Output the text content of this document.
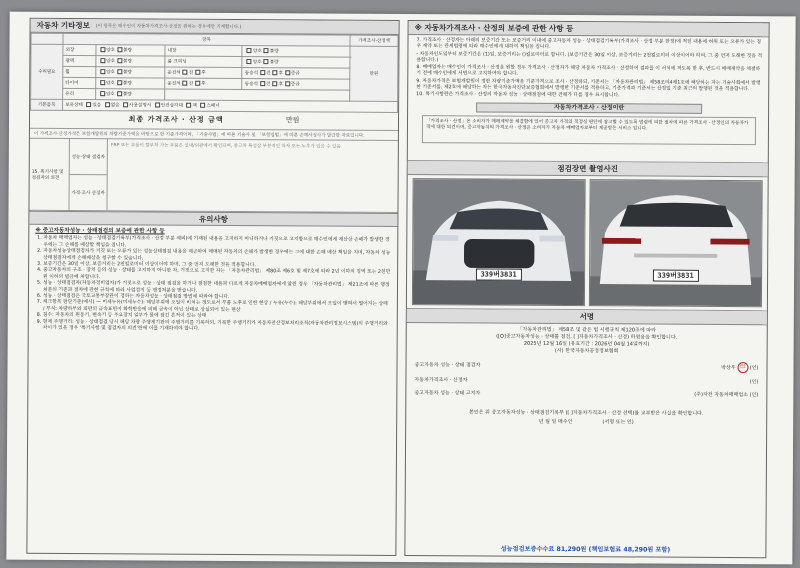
자동차 기타정보 (이 항목은 매수인이 자동차가격조사·산정을 원하는 경우에만 기재합니다.)
	항목				가격조사·산정액
수리필요	외장	양호 불량	내장	양호 불량	만원
	광택	양호 불량	룸 크리닝	양호 불량	
	휠	양호 불량	운전석 전 후	동승석 전 후 중급	
	타이어	양호 불량	운전석 전 후	동승석 전 후 중급	
	유리	양호 불량			
기본품목	보유상태 있음 없음 사용설명서 안전삼각대 잭 스패너				
최종 가격조사 · 산정 금액	만원
이 가격조사·산정가격은 보험개발원의 차량기준가액을 바탕으로 한 기준가격이며, 「기술사법」에 따른 기술사 및 「보험업법」에 따른 손해사정사가 발급한 자료입니다.
15. 특기사항 및 점검자의 의견
성능·상태 점검자
가격·조사 산정자
FRP 또는 부품이 탈부착 가능 부품은 실내/외관에서 확인되며, 중고차 특성상 부분적인 하자 또는 노후가 있을 수 있음
유의사항
※ 중고자동차성능 · 상태점검의 보증에 관한 사항 등
1. 자동차 매매업자는 성능 · 상태점검기록부(가격조사 · 산정 부분 제외)에 기재된 내용을 고지하지 아니하거나 거짓으로 고지함으로 매수인에게 재산상 손해가 발생한 경우에는 그 손해를 배상할 책임을 집니다.
2. 자동차성능상태점검자가 거짓 또는 오류가 있는 성능상태점검 내용을 제공하여 매매된 자동차의 손해가 발생한 경우에는 그에 대한 손해 배상 책임을 지며, 자동차 성능상태점검자에게 손해배상을 청구할 수 있습니다.
3. 보증기간은 30일 이상, 보증거리는 2천킬로미터 이상이어야 하며, 그 중 먼저 도래한 것을 적용합니다.
4. 중고자동차의 구조 · 장치 등의 성능 · 상태를 고지하지 아니한 자, 거짓으로 고지한 자는 「자동차관리법」 제80조 제6호 및 제7호에 따라 2년 이하의 징역 또는 2천만원 이하의 벌금에 처합니다.
5. 성능 · 상태점검자(자동차정비업자)가 거짓으로 성능 · 상태 점검을 하거나 점검한 내용과 다르게 자동차매매업자에게 알린 경우 「자동차관리법」 제21조에 따른 행정처분의 기준과 절차에 관한 규칙에 따라 사업정지 등 행정처분을 받습니다.
6. 성능 · 상태점검은 국토교통부장관이 정하는 자동차성능 · 상태점검 방법에 따라야 합니다.
7. 체크항목 판단기준(예시) — 미세누유(미세누수): 해당부위에 오일이 비치는 정도로서 부품 노후로 인한 현상 / 누유(누수): 해당부위에서 오일이 맺혀서 떨어지는 상태 / 부식: 차량하부와 외판의 금속표면이 화학반응에 의해 금속이 아닌 상태로 상실되어 있는 현상
8. 침수: 자동차의 원동기, 변속기 등 주요장치 일부가 물에 잠긴 흔적이 있는 상태
9. 현재 주행거리: 성능 · 상태점검 당시 해당 차량 주행계기판의 주행거리를 기록하되, 기록한 주행거리가 자동차전산정보처리조직(자동차관리정보시스템)의 주행거리와 차이가 있을 경우 '특기사항 및 점검자의 의견'란에 이를 기재하여야 합니다.
※ 자동차가격조사 · 산정의 보증에 관한 사항 등

7. 가격조사 · 산정자는 아래의 보증기간 또는 보증거리 이내에 중고자동차 성능 · 상태점검기록부(가격조사 · 산정 부분 한정)에 적힌 내용에 허위 또는 오류가 있는 경우 계약 또는 관계법령에 따라 매수인에게 대하여 책임을 집니다.

- 자동차인도일부터 보증기간은 (1)일, 보증거리는 ()킬로미터로 합니다. (보증기간은 30일 이상, 보증거리는 2천킬로미터 이상이어야 하며, 그 중 먼저 도래한 것을 적용합니다.)

8. 매매업자는 매수인이 가격조사 · 산정을 원할 경우 가격조사 · 산정자가 해당 자동차 가격조사 · 산정하여 결과를 이 서식에 적도록 한 후, 반드시 매매계약을 체결하기 전에 매수인에게 서면으로 고지하여야 합니다.

9. 자동차가격은 보험개발원이 정한 차량기준가액을 기준가격으로 조사 · 산정하되, 기준서는 「자동차관리법」 제58조의4제1호에 해당하는 자는 기술사회에서 발행한 기준서를, 제2호에 해당하는 자는 한국자동차진단보증협회에서 발행한 기준서를 적용하고, 기준가격과 기준서는 산정일 기준 최근의 발행된 것을 적용합니다.

10. 특기사항란은 가격조사 · 산정의 자동차 성능 · 상태점검에 대한 견해가 다를 경우 표시합니다.

자동차가격조사 · 산정이란
「가격조사 · 산정」은 소비자가 매매계약을 체결함에 있어 중고차 가격의 적정성 판단에 참고할 수 있도록 법령에 의한 절차에 따른 가격조사 · 산정인의 자동차가격에 대한 의견이며, 중고자동차의 가격조사 · 산정은 소비자가 자동차 매매업자로부터 제공받은 서비스 입니다.
점검장면 촬영사진
339버3831	339버3831
서명
「자동차관리법」 제58조 및 같은 법 시행규칙 제120조에 따라
([O]중고자동차성능 · 상태를 점검, [ ]자동차가격조사 · 산정) 하였음을 확인합니다.
2025년 12월 16일 (유효기간 : 2026년 04월 14일까지)
(사) 한국자동차공정정보협회
중고자동차 성능 · 상태 점검자	박상우 印 (인)
자동차가격조사 · 산정자	(인)
중고자동차 성능 · 상태 고지자	(주)자전 자동차매매업소 (인)
본인은 위 중고자동차성능 · 상태점검기록부 ([ ]자동차가격조사 · 산정 선택)를 교부받은 사실을 확인합니다.
년 월 일 매수인	(서명 또는 인)
성능점검보증수수료 81,290원 (책임보험료 48,290원 포함)
